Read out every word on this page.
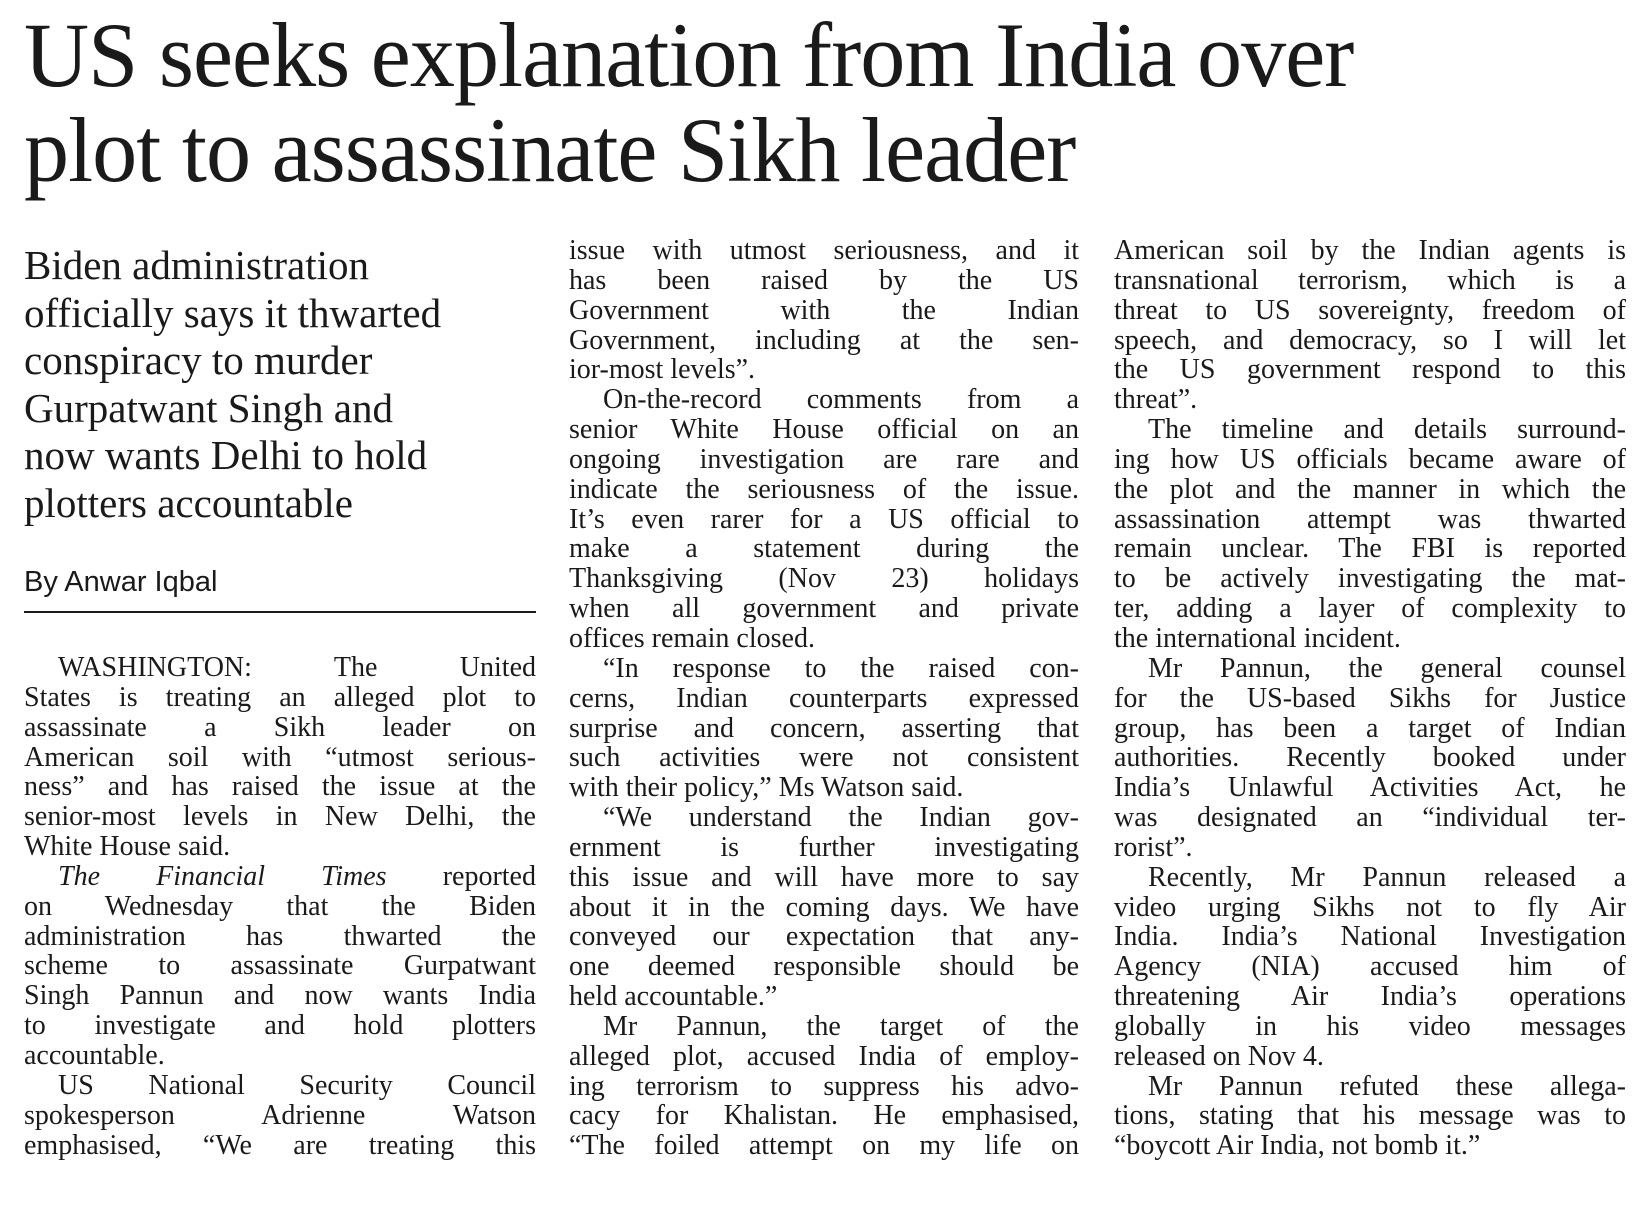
US seeks explanation from India over
plot to assassinate Sikh leader
Biden administration
officially says it thwarted
conspiracy to murder
Gurpatwant Singh and
now wants Delhi to hold
plotters accountable
By Anwar Iqbal
WASHINGTON: The United
States is treating an alleged plot to
assassinate a Sikh leader on
American soil with “utmost serious-
ness” and has raised the issue at the
senior-most levels in New Delhi, the
White House said.
The Financial Times reported
on Wednesday that the Biden
administration has thwarted the
scheme to assassinate Gurpatwant
Singh Pannun and now wants India
to investigate and hold plotters
accountable.
US National Security Council
spokesperson Adrienne Watson
emphasised, “We are treating this
issue with utmost seriousness, and it
has been raised by the US
Government with the Indian
Government, including at the sen-
ior-most levels”.
On-the-record comments from a
senior White House official on an
ongoing investigation are rare and
indicate the seriousness of the issue.
It’s even rarer for a US official to
make a statement during the
Thanksgiving (Nov 23) holidays
when all government and private
offices remain closed.
“In response to the raised con-
cerns, Indian counterparts expressed
surprise and concern, asserting that
such activities were not consistent
with their policy,” Ms Watson said.
“We understand the Indian gov-
ernment is further investigating
this issue and will have more to say
about it in the coming days. We have
conveyed our expectation that any-
one deemed responsible should be
held accountable.”
Mr Pannun, the target of the
alleged plot, accused India of employ-
ing terrorism to suppress his advo-
cacy for Khalistan. He emphasised,
“The foiled attempt on my life on
American soil by the Indian agents is
transnational terrorism, which is a
threat to US sovereignty, freedom of
speech, and democracy, so I will let
the US government respond to this
threat”.
The timeline and details surround-
ing how US officials became aware of
the plot and the manner in which the
assassination attempt was thwarted
remain unclear. The FBI is reported
to be actively investigating the mat-
ter, adding a layer of complexity to
the international incident.
Mr Pannun, the general counsel
for the US-based Sikhs for Justice
group, has been a target of Indian
authorities. Recently booked under
India’s Unlawful Activities Act, he
was designated an “individual ter-
rorist”.
Recently, Mr Pannun released a
video urging Sikhs not to fly Air
India. India’s National Investigation
Agency (NIA) accused him of
threatening Air India’s operations
globally in his video messages
released on Nov 4.
Mr Pannun refuted these allega-
tions, stating that his message was to
“boycott Air India, not bomb it.”
